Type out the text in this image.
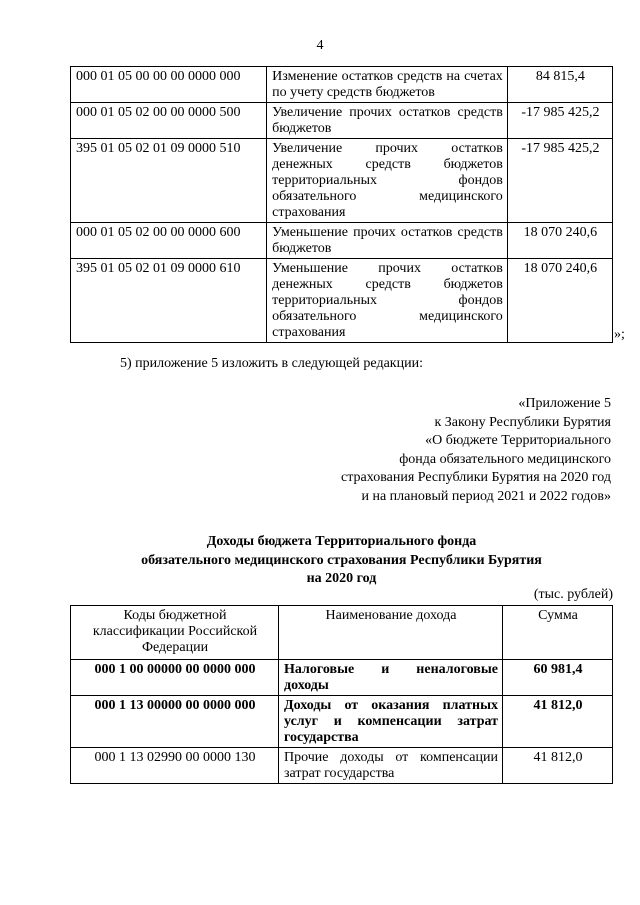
4
000 01 05 00 00 00 0000 000	Изменение остатков средств на счетах по учету средств бюджетов	84 815,4
000 01 05 02 00 00 0000 500	Увеличение прочих остатков средств бюджетов	-17 985 425,2
395 01 05 02 01 09 0000 510	Увеличение прочих остатков денежных средств бюджетов территориальных фондов обязательного медицинского страхования	-17 985 425,2
000 01 05 02 00 00 0000 600	Уменьшение прочих остатков средств бюджетов	18 070 240,6
395 01 05 02 01 09 0000 610	Уменьшение прочих остатков денежных средств бюджетов территориальных фондов обязательного медицинского страхования	18 070 240,6
»;
5) приложение 5 изложить в следующей редакции:
«Приложение 5
к Закону Республики Бурятия
«О бюджете Территориального
фонда обязательного медицинского
страхования Республики Бурятия на 2020 год
и на плановый период 2021 и 2022 годов»
Доходы бюджета Территориального фонда
обязательного медицинского страхования Республики Бурятия
на 2020 год
(тыс. рублей)
Коды бюджетной классификации Российской Федерации	Наименование дохода	Сумма
000 1 00 00000 00 0000 000	Налоговые и неналоговые доходы	60 981,4
000 1 13 00000 00 0000 000	Доходы от оказания платных услуг и компенсации затрат государства	41 812,0
000 1 13 02990 00 0000 130	Прочие доходы от компенсации затрат государства	41 812,0
